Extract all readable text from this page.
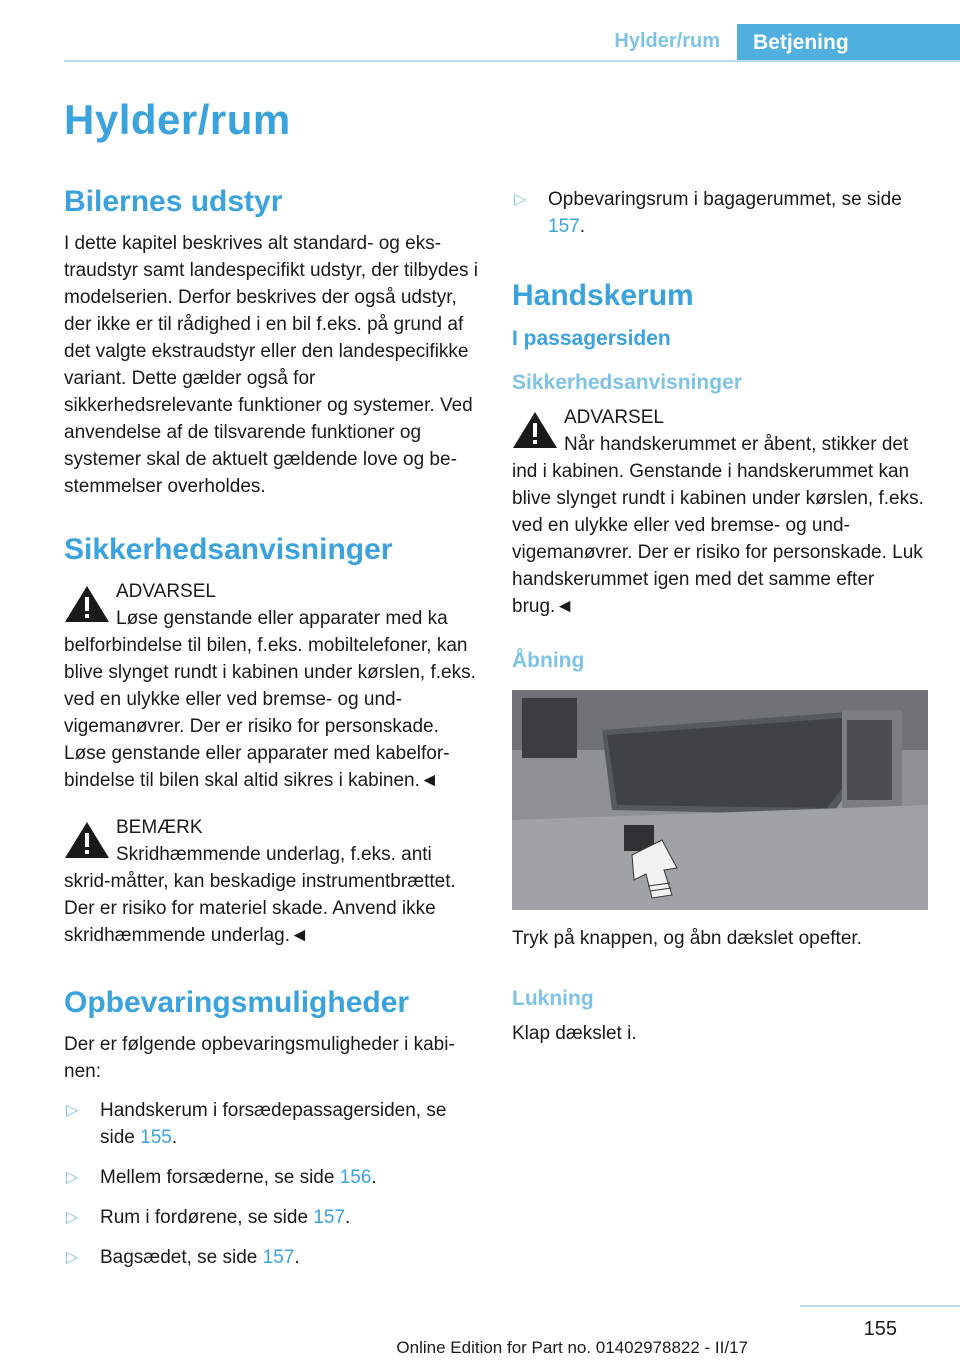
Hylder/rum	Betjening
Hylder/rum
Bilernes udstyr

I dette kapitel beskrives alt standard- og ekstraudstyr samt landespecifikt udstyr, der tilbydes i modelserien. Derfor beskrives der også udstyr, der ikke er til rådighed i en bil f.eks. på grund af det valgte ekstraudstyr eller den landespecifikke variant. Dette gælder også for sikkerhedsrelevante funktioner og systemer. Ved anvendelse af de tilsvarende funktioner og systemer skal de aktuelt gældende love og bestemmelser overholdes.

Sikkerhedsanvisninger
ADVARSEL
Løse genstande eller apparater med ka
belforbindelse til bilen, f.eks. mobiltelefoner, kan blive slynget rundt i kabinen under kørslen, f.eks. ved en ulykke eller ved bremse- og undvigemanøvrer. Der er risiko for personskade. Løse genstande eller apparater med kabelforbindelse til bilen skal altid sikres i kabinen.◄
BEMÆRK
Skridhæmmende underlag, f.eks. anti
skrid-måtter, kan beskadige instrumentbrættet. Der er risiko for materiel skade. Anvend ikke skridhæmmende underlag.◄
Opbevaringsmuligheder

Der er følgende opbevaringsmuligheder i kabinen:

▷ Handskerum i forsædepassagersiden, se side 155.
▷ Mellem forsæderne, se side 156.
▷ Rum i fordørene, se side 157.
▷ Bagsædet, se side 157.
▷ Opbevaringsrum i bagagerummet, se side 157.
Handskerum
I passagersiden
Sikkerhedsanvisninger
ADVARSEL
Når handskerummet er åbent, stikker det
ind i kabinen. Genstande i handskerummet kan blive slynget rundt i kabinen under kørslen, f.eks. ved en ulykke eller ved bremse- og undvigemanøvrer. Der er risiko for personskade. Luk handskerummet igen med det samme efter brug.◄
Åbning

Tryk på knappen, og åbn dækslet opefter.

Lukning

Klap dækslet i.

155
Online Edition for Part no. 01402978822 - II/17
